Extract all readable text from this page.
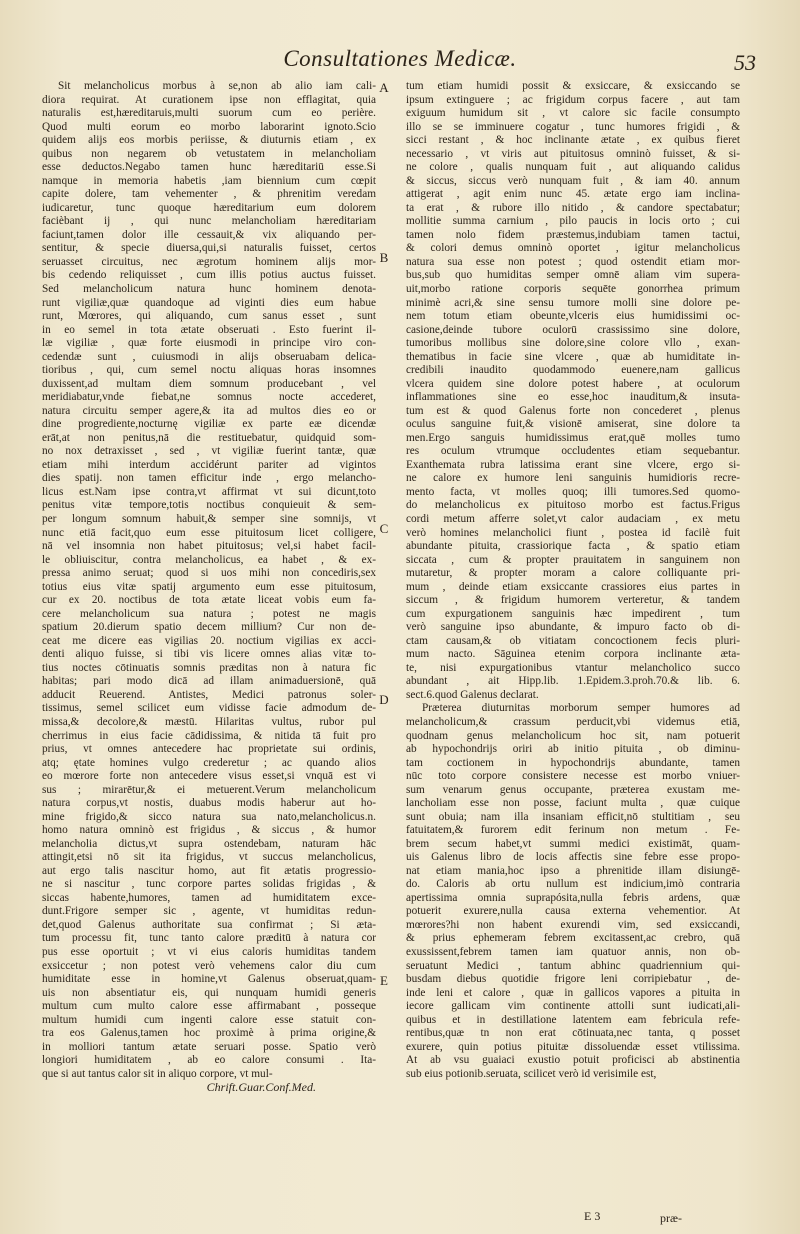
Consultationes Medicæ.	53
Sit melancholicus morbus à se,non ab alio iam cali-
diora requirat. At curationem ipse non efflagitat, quia
naturalis est,hæreditaruis,multi suorum cum eo perière.
Quod multi eorum eo morbo laborarint ignoto.Scio
quidem alijs eos morbis periisse, & diuturnis etiam , ex
quibus non negarem ob vetustatem in melancholiam
esse deductos.Negabo tamen hunc hæreditariū esse.Si
namque in memoria habetis ,iam biennium cum cœpit
capite dolere, tam vehementer , & phrenitim veredam
iudicaretur, tunc quoque hæreditarium eum dolorem
facièbant ij , qui nunc melancholiam hæreditariam
faciunt,tamen dolor ille cessauit,& vix aliquando per-
sentitur, & specie diuersa,qui,si naturalis fuisset, certos
seruasset circuitus, nec ægrotum hominem alijs mor-
bis cedendo reliquisset , cum illis potius auctus fuisset.
Sed melancholicum natura hunc hominem denota-
runt vigiliæ,quæ quandoque ad viginti dies eum habue
runt, Mœrores, qui aliquando, cum sanus esset , sunt
in eo semel in tota ætate obseruati . Esto fuerint il-
læ vigiliæ , quæ forte eiusmodi in principe viro con-
cedendæ sunt , cuiusmodi in alijs obseruabam delica-
tioribus , qui, cum semel noctu aliquas horas insomnes
duxissent,ad multam diem somnum producebant , vel
meridiabatur,vnde fiebat,ne somnus nocte accederet,
natura circuitu semper agere,& ita ad multos dies eo or
dine progrediente,nocturnę vigiliæ ex parte eæ dicendæ
erāt,at non penitus,nā die restituebatur, quidquid som-
no nox detraxisset , sed , vt vigiliæ fuerint tantæ, quæ
etiam mihi interdum accidérunt pariter ad vigintos
dies spatij. non tamen efficitur inde , ergo melancho-
licus est.Nam ipse contra,vt affirmat vt sui dicunt,toto
penitus vitæ tempore,totis noctibus conquieuit & sem-
per longum somnum habuit,& semper sine somnijs, vt
nunc etiā facit,quo eum esse pituitosum licet colligere,
nā vel insomnia non habet pituitosus; vel,si habet facil-
le obliuiscitur, contra melancholicus, ea habet , & ex-
pressa animo seruat; quod si uos mihi non concediris,sex
totius eius vitæ spatij argumento eum esse pituitosum,
cur ex 20. noctibus de tota ætate liceat vobis eum fa-
cere melancholicum sua natura ; potest ne magis
spatium 20.dierum spatio decem millium? Cur non de-
ceat me dicere eas vigilias 20. noctium vigilias ex acci-
denti aliquo fuisse, si tibi vis licere omnes alias vitæ to-
tius noctes cōtinuatis somnis præditas non à natura fic
habitas; pari modo dicā ad illam animaduersionē, quā
adducit Reuerend. Antistes, Medici patronus soler-
tissimus, semel scilicet eum vidisse facie admodum de-
missa,& decolore,& mæstū. Hilaritas vultus, rubor pul
cherrimus in eius facie cādidissima, & nitida tā fuit pro
prius, vt omnes antecedere hac proprietate sui ordinis,
atq; ętate homines vulgo crederetur ; ac quando alios
eo mœrore forte non antecedere visus esset,si vnquā est vi
sus ; mirarētur,& ei metuerent.Verum melancholicum
natura corpus,vt nostis, duabus modis haberur aut ho-
mine frigido,& sicco natura sua nato,melancholicus.n.
homo natura omninò est frigidus , & siccus , & humor
melancholia dictus,vt supra ostendebam, naturam hāc
attingit,etsi nō sit ita frigidus, vt succus melancholicus,
aut ergo talis nascitur homo, aut fit ætatis progressio-
ne si nascitur , tunc corpore partes solidas frigidas , &
siccas habente,humores, tamen ad humiditatem exce-
dunt.Frigore semper sic , agente, vt humiditas redun-
det,quod Galenus authoritate sua confirmat ; Si æta-
tum processu fit, tunc tanto calore præditū à natura cor
pus esse oportuit ; vt vi eius caloris humiditas tandem
exsiccetur ; non potest verò vehemens calor diu cum
humiditate esse in homine,vt Galenus obseruat,quam-
uis non absentiatur eis, qui nunquam humidi generis
multum cum multo calore esse affirmabant , posseque
multum humidi cum ingenti calore esse statuit con-
tra eos Galenus,tamen hoc proximè à prima origine,&
in molliori tantum ætate seruari posse. Spatio verò
longiori humiditatem , ab eo calore consumi . Ita-
que si aut tantus calor sit in aliquo corpore, vt mul-
Chrift.Guar.Conf.Med.
A
B
C
D
E
tum etiam humidi possit & exsiccare, & exsiccando se
ipsum extinguere ; ac frigidum corpus facere , aut tam
exiguum humidum sit , vt calore sic facile consumpto
illo se se imminuere cogatur , tunc humores frigidi , &
sicci restant , & hoc inclinante ætate , ex quibus fieret
necessario , vt viris aut pituitosus omninò fuisset, & si-
ne colore , qualis nunquam fuit , aut aliquando calidus
& siccus, siccus verò nunquam fuit , & iam 40. annum
attigerat , agit enim nunc 45. ætate ergo iam inclina-
ta erat , & rubore illo nitido , & candore spectabatur;
mollitie summa carnium , pilo paucis in locis orto ; cui
tamen nolo fidem præstemus,indubiam tamen tactui,
& colori demus omninò oportet , igitur melancholicus
natura sua esse non potest ; quod ostendit etiam mor-
bus,sub quo humiditas semper omnē aliam vim supera-
uit,morbo ratione corporis sequēte gonorrhea primum
minimè acri,& sine sensu tumore molli sine dolore pe-
nem totum etiam obeunte,vlceris eius humidissimi oc-
casione,deinde tubore oculorū crassissimo sine dolore,
tumoribus mollibus sine dolore,sine colore vllo , exan-
thematibus in facie sine vlcere , quæ ab humiditate in-
credibili inaudito quodammodo euenere,nam gallicus
vlcera quidem sine dolore potest habere , at oculorum
inflammationes sine eo esse,hoc inauditum,& insuta-
tum est & quod Galenus forte non concederet , plenus
oculus sanguine fuit,& visionē amiserat, sine dolore ta
men.Ergo sanguis humidissimus erat,quē molles tumo
res oculum vtrumque occludentes etiam sequebantur.
Exanthemata rubra latissima erant sine vlcere, ergo si-
ne calore ex humore leni sanguinis humidioris recre-
mento facta, vt molles quoq; illi tumores.Sed quomo-
do melancholicus ex pituitoso morbo est factus.Frigus
cordi metum afferre solet,vt calor audaciam , ex metu
verò homines melancholici fiunt , postea id facilè fuit
abundante pituita, crassiorique facta , & spatio etiam
siccata , cum & propter prauitatem in sanguinem non
mutaretur, & propter moram a calore colliquante pri-
mum , deinde etiam exsiccante crassiores eius partes in
siccum , & frigidum humorem verteretur, & tandem
cum expurgationem sanguinis hæc impedirent , tum
verò sanguine ipso abundante, & impuro facto ob di-
ctam causam,& ob vitiatam concoctionem fecis pluri-
mum nacto. Sāguinea etenim corpora inclinante æta-
te, nisi expurgationibus vtantur melancholico succo
abundant , ait Hipp.lib. 1.Epidem.3.proh.70.& lib. 6.
sect.6.quod Galenus declarat.
Præterea diuturnitas morborum semper humores ad
melancholicum,& crassum perducit,vbi videmus etiā,
quodnam genus melancholicum hoc sit, nam potuerit
ab hypochondrijs oriri ab initio pituita , ob diminu-
tam coctionem in hypochondrijs abundante, tamen
nūc toto corpore consistere necesse est morbo vniuer-
sum venarum genus occupante, præterea exustam me-
lancholiam esse non posse, faciunt multa , quæ cuique
sunt obuia; nam illa insaniam efficit,nō stultitiam , seu
fatuitatem,& furorem edit ferinum non metum . Fe-
brem secum habet,vt summi medici existimāt, quam-
uis Galenus libro de locis affectis sine febre esse propo-
nat etiam mania,hoc ipso a phrenitide illam disiungē-
do. Caloris ab ortu nullum est indicium,imò contraria
apertissima omnia suprapósita,nulla febris ardens, quæ
potuerit exurere,nulla causa externa vehementior. At
mœrores?hi non habent exurendi vim, sed exsiccandi,
& prius ephemeram febrem excitassent,ac crebro, quā
exussissent,febrem tamen iam quatuor annis, non ob-
seruatunt Medici , tantum abhinc quadriennium qui-
busdam diebus quotidie frigore leni corripiebatur , de-
inde leni et calore , quæ in gallicos vapores a pituita in
iecore gallicam vim continente attolli sunt iudicati,ali-
quibus et in destillatione latentem eam febricula refe-
rentibus,quæ tn non erat cōtinuata,nec tanta, q posset
exurere, quin potius pituitæ dissoluendæ esset vtilissima.
At ab vsu guaiaci exustio potuit proficisci ab abstinentia
sub eius potionib.seruata, scilicet verò id verisimile est,
E 3	præ-
